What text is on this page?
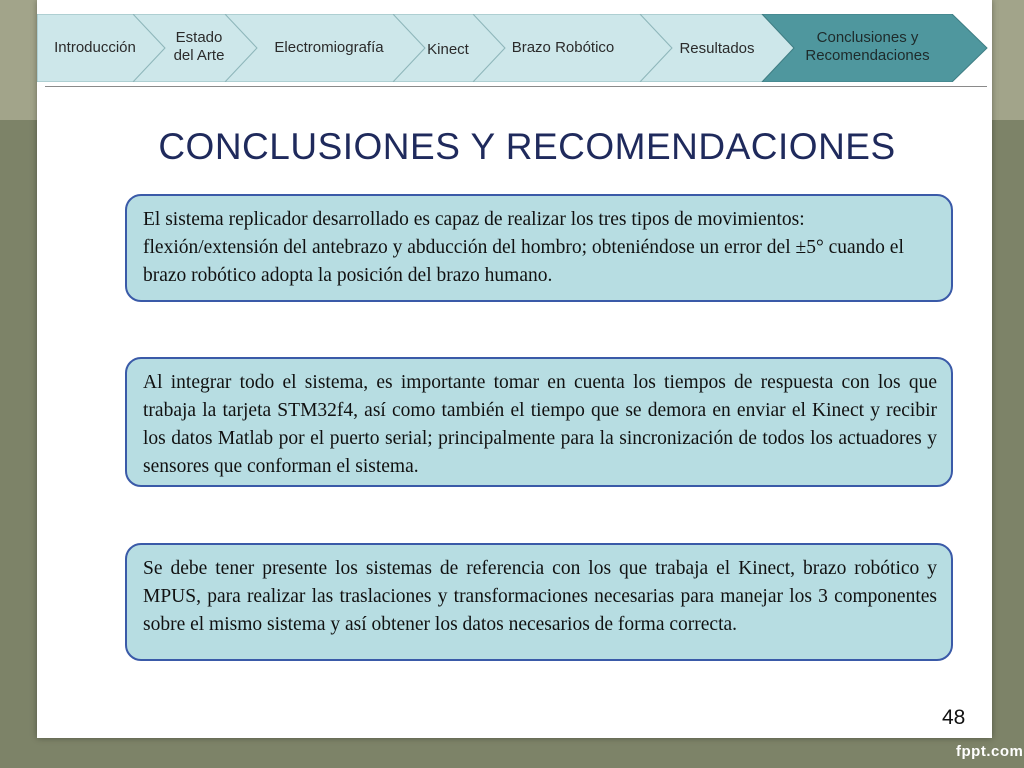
Introducción
Estado
del Arte	Electromiografía	Kinect	Brazo Robótico	Resultados
Conclusiones y
Recomendaciones
CONCLUSIONES Y RECOMENDACIONES
El sistema replicador desarrollado es capaz de realizar los tres tipos de movimientos: flexión/extensión del antebrazo y abducción del hombro; obteniéndose un error del ±5° cuando el brazo robótico adopta la posición del brazo humano.
Al integrar todo el sistema, es importante tomar en cuenta los tiempos de respuesta con los que trabaja la tarjeta STM32f4, así como también el tiempo que se demora en enviar el Kinect y recibir los datos Matlab por el puerto serial; principalmente para la sincronización de todos los actuadores y sensores que conforman el sistema.
Se debe tener presente los sistemas de referencia con los que trabaja el Kinect, brazo robótico y MPUS, para realizar las traslaciones y transformaciones necesarias para manejar los 3 componentes sobre el mismo sistema y así obtener los datos necesarios de forma correcta.
48
fppt.com
